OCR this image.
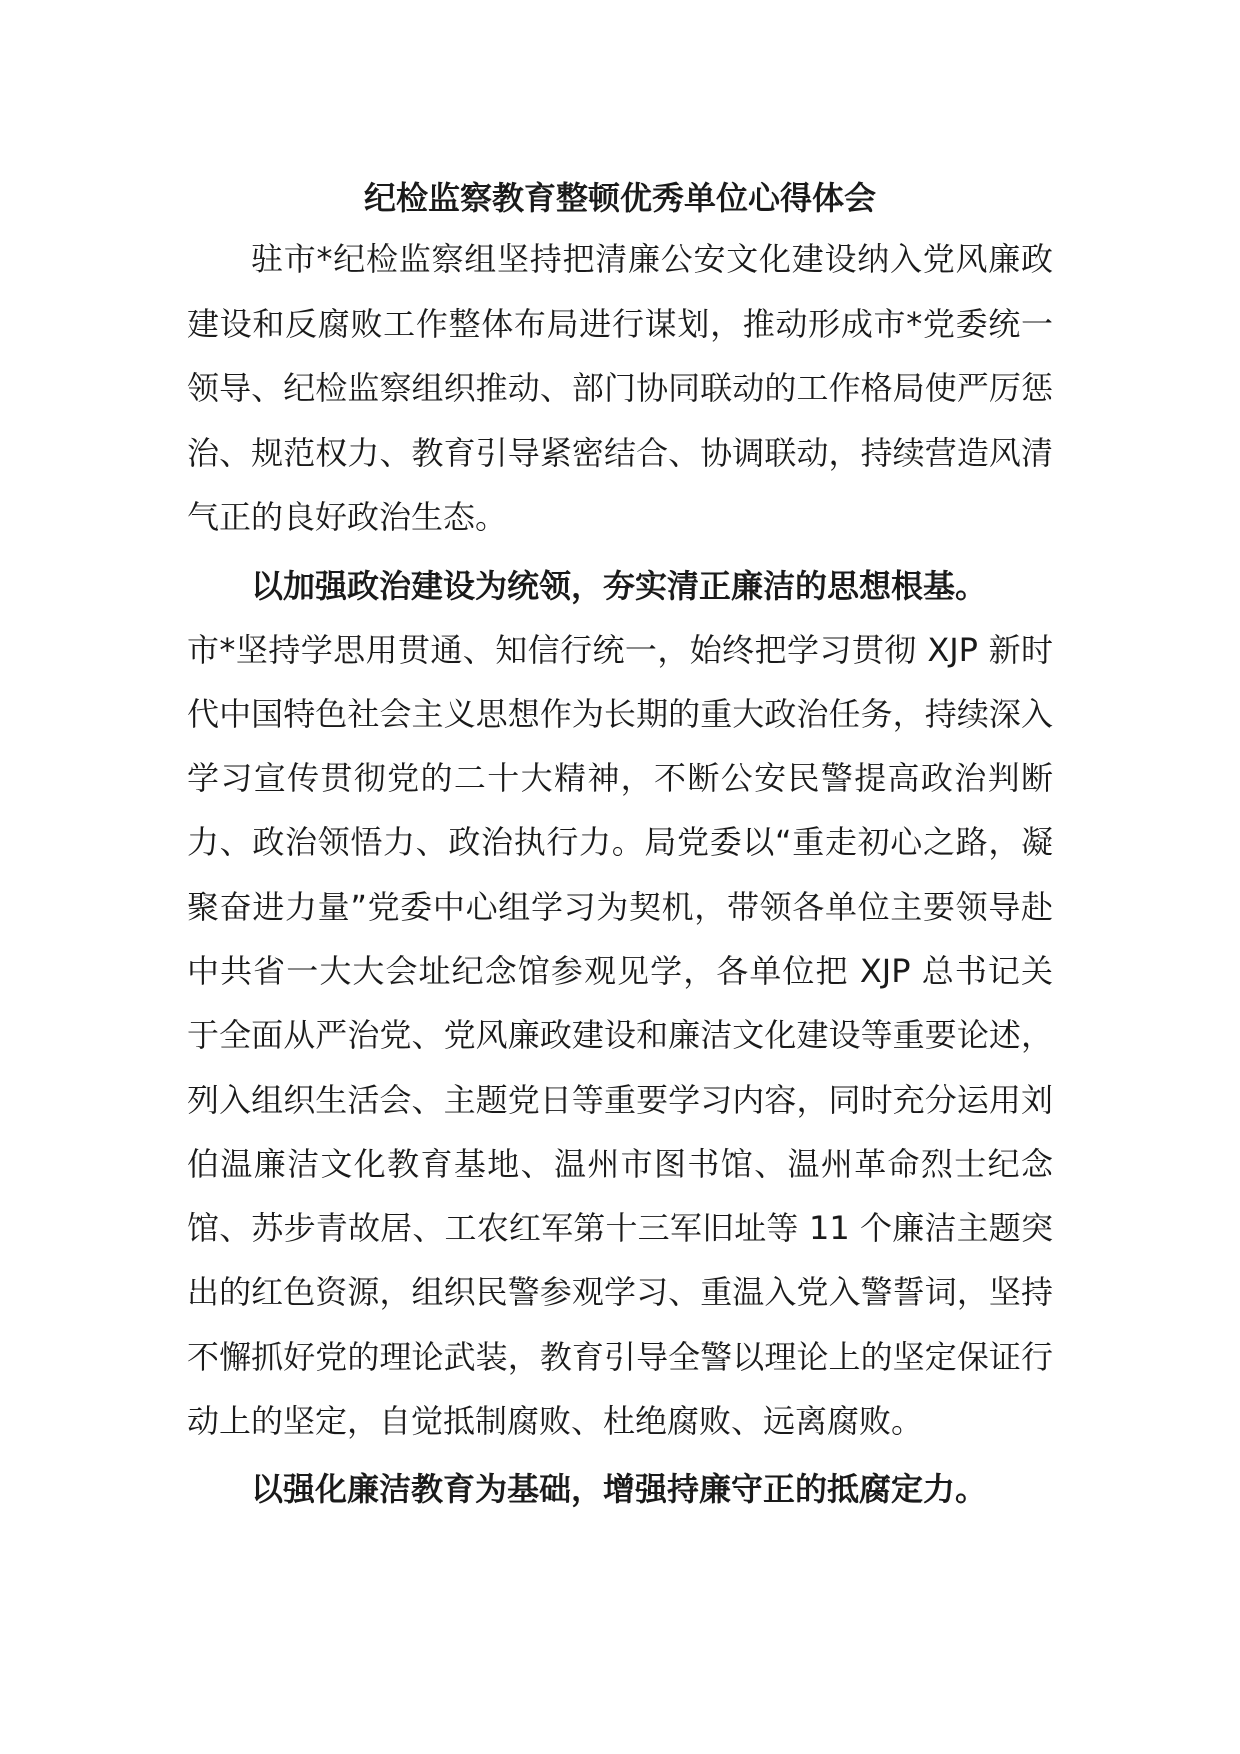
纪检监察教育整顿优秀单位心得体会

驻市*纪检监察组坚持把清廉公安文化建设纳入党风廉政建设和反腐败工作整体布局进行谋划，推动形成市*党委统一领导、纪检监察组织推动、部门协同联动的工作格局使严厉惩治、规范权力、教育引导紧密结合、协调联动，持续营造风清气正的良好政治生态。

以加强政治建设为统领，夯实清正廉洁的思想根基。

市*坚持学思用贯通、知信行统一，始终把学习贯彻 XJP 新时代中国特色社会主义思想作为长期的重大政治任务，持续深入学习宣传贯彻党的二十大精神，不断公安民警提高政治判断力、政治领悟力、政治执行力。局党委以“重走初心之路，凝聚奋进力量”党委中心组学习为契机，带领各单位主要领导赴中共省一大大会址纪念馆参观见学，各单位把 XJP 总书记关于全面从严治党、党风廉政建设和廉洁文化建设等重要论述，列入组织生活会、主题党日等重要学习内容，同时充分运用刘伯温廉洁文化教育基地、温州市图书馆、温州革命烈士纪念馆、苏步青故居、工农红军第十三军旧址等 11 个廉洁主题突出的红色资源，组织民警参观学习、重温入党入警誓词，坚持不懈抓好党的理论武装，教育引导全警以理论上的坚定保证行动上的坚定，自觉抵制腐败、杜绝腐败、远离腐败。

以强化廉洁教育为基础，增强持廉守正的抵腐定力。
